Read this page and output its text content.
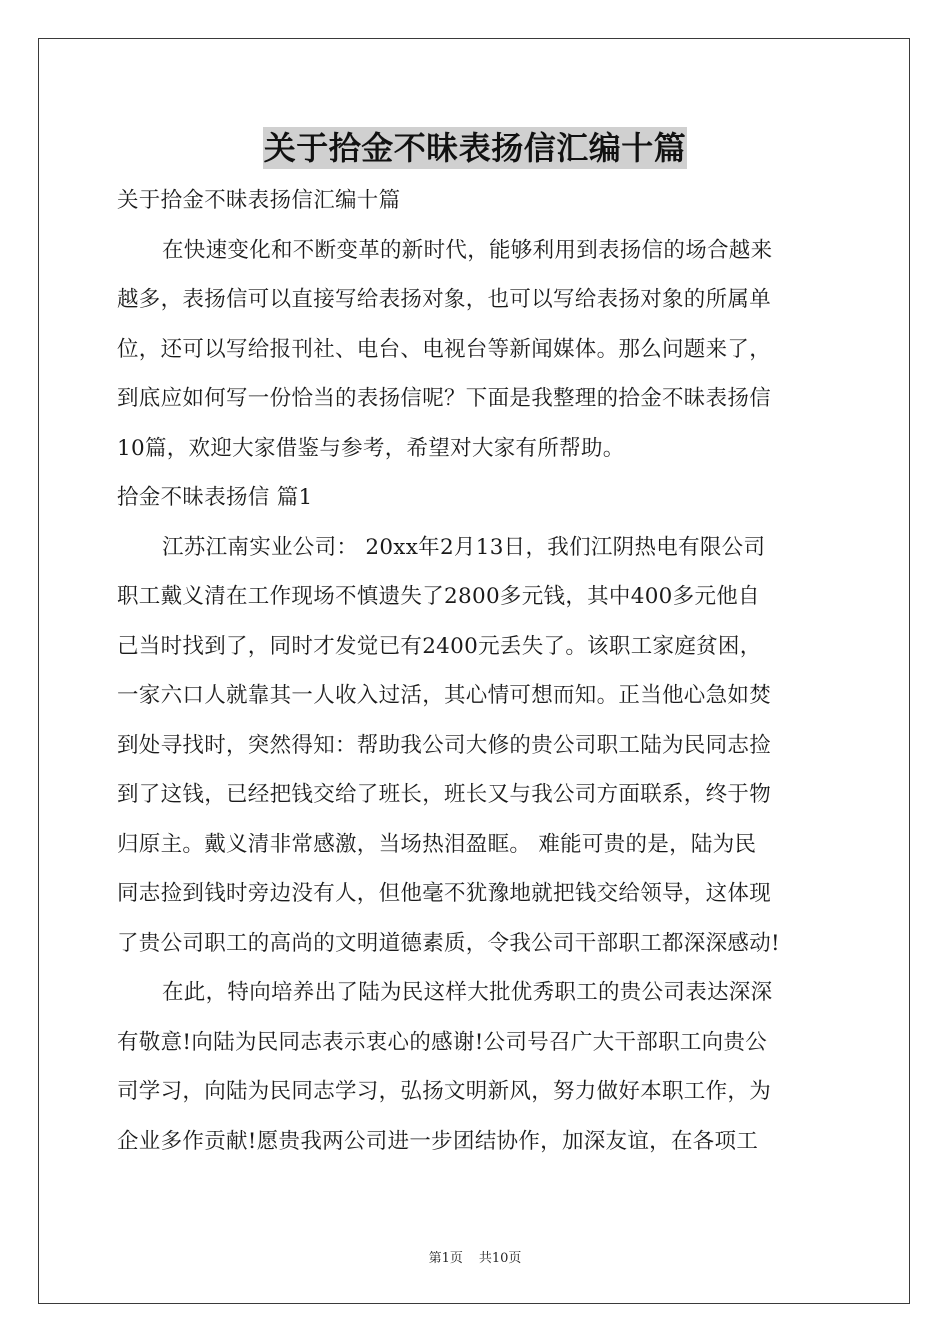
关于拾金不昧表扬信汇编十篇
关于拾金不昧表扬信汇编十篇
在快速变化和不断变革的新时代，能够利用到表扬信的场合越来
越多，表扬信可以直接写给表扬对象，也可以写给表扬对象的所属单
位，还可以写给报刊社、电台、电视台等新闻媒体。那么问题来了，
到底应如何写一份恰当的表扬信呢？下面是我整理的拾金不昧表扬信
10篇，欢迎大家借鉴与参考，希望对大家有所帮助。
拾金不昧表扬信 篇1
江苏江南实业公司： 20xx年2月13日，我们江阴热电有限公司
职工戴义清在工作现场不慎遗失了2800多元钱，其中400多元他自
己当时找到了，同时才发觉已有2400元丢失了。该职工家庭贫困，
一家六口人就靠其一人收入过活，其心情可想而知。正当他心急如焚
到处寻找时，突然得知：帮助我公司大修的贵公司职工陆为民同志捡
到了这钱，已经把钱交给了班长，班长又与我公司方面联系，终于物
归原主。戴义清非常感激，当场热泪盈眶。 难能可贵的是，陆为民
同志捡到钱时旁边没有人，但他毫不犹豫地就把钱交给领导，这体现
了贵公司职工的高尚的文明道德素质，令我公司干部职工都深深感动!
在此，特向培养出了陆为民这样大批优秀职工的贵公司表达深深
有敬意!向陆为民同志表示衷心的感谢!公司号召广大干部职工向贵公
司学习，向陆为民同志学习，弘扬文明新风，努力做好本职工作，为
企业多作贡献!愿贵我两公司进一步团结协作，加深友谊，在各项工
第1页 共10页
